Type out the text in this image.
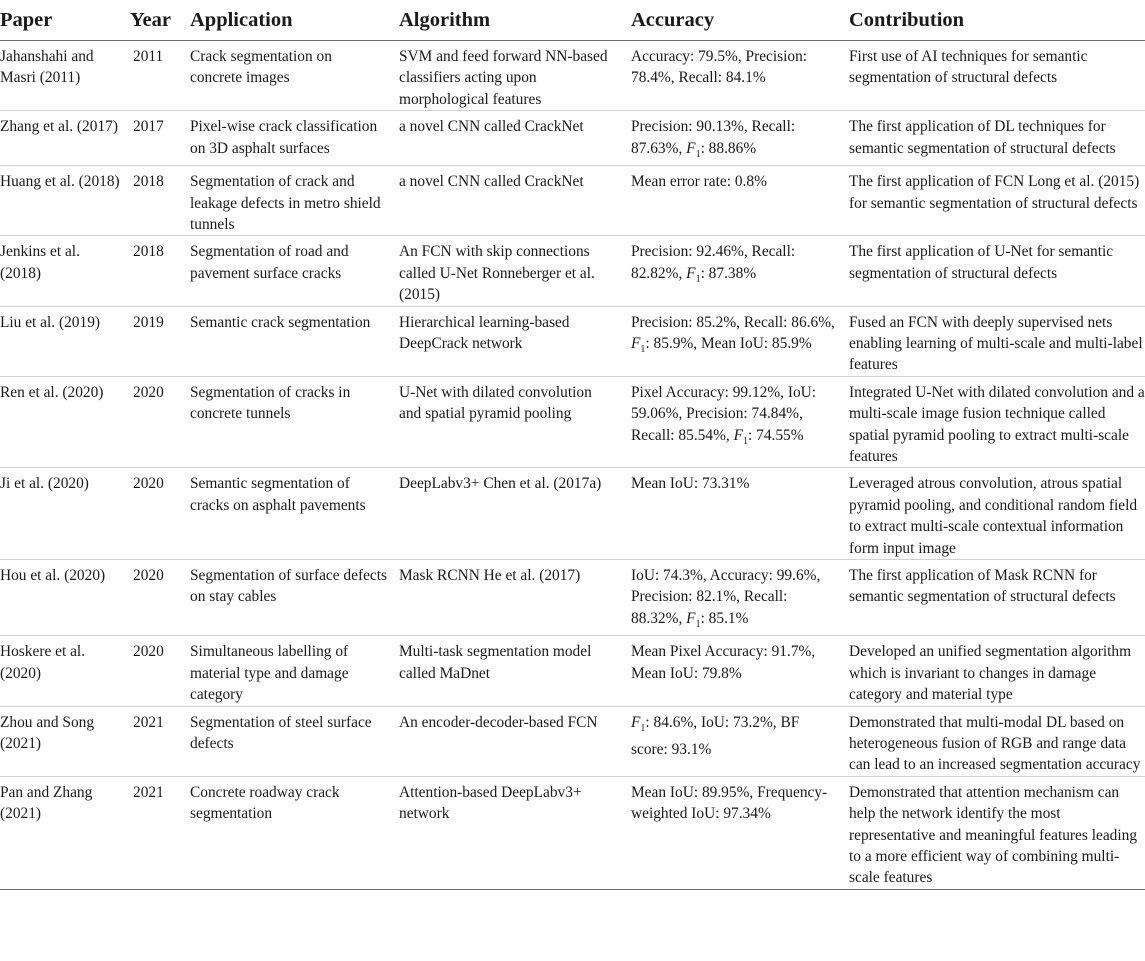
Paper	Year	Application	Algorithm	Accuracy	Contribution

Jahanshahi and Masri (2011)	2011	Crack segmentation on concrete images	SVM and feed forward NN-based classifiers acting upon morphological features	Accuracy: 79.5%, Precision: 78.4%, Recall: 84.1%	First use of AI techniques for semantic segmentation of structural defects

Zhang et al. (2017)	2017	Pixel-wise crack classification on 3D asphalt surfaces	a novel CNN called CrackNet	Precision: 90.13%, Recall: 87.63%, $F_1$: 88.86%	The first application of DL techniques for semantic segmentation of structural defects

Huang et al. (2018)	2018	Segmentation of crack and leakage defects in metro shield tunnels	a novel CNN called CrackNet	Mean error rate: 0.8%	The first application of FCN Long et al. (2015) for semantic segmentation of structural defects

Jenkins et al. (2018)	2018	Segmentation of road and pavement surface cracks	An FCN with skip connections called U-Net Ronneberger et al. (2015)	Precision: 92.46%, Recall: 82.82%, $F_1$: 87.38%	The first application of U-Net for semantic segmentation of structural defects

Liu et al. (2019)	2019	Semantic crack segmentation	Hierarchical learning-based DeepCrack network	Precision: 85.2%, Recall: 86.6%, $F_1$: 85.9%, Mean IoU: 85.9%	Fused an FCN with deeply supervised nets enabling learning of multi-scale and multi-label features

Ren et al. (2020)	2020	Segmentation of cracks in concrete tunnels	U-Net with dilated convolution and spatial pyramid pooling	Pixel Accuracy: 99.12%, IoU: 59.06%, Precision: 74.84%, Recall: 85.54%, $F_1$: 74.55%	Integrated U-Net with dilated convolution and a multi-scale image fusion technique called spatial pyramid pooling to extract multi-scale features

Ji et al. (2020)	2020	Semantic segmentation of cracks on asphalt pavements	DeepLabv3+ Chen et al. (2017a)	Mean IoU: 73.31%	Leveraged atrous convolution, atrous spatial pyramid pooling, and conditional random field to extract multi-scale contextual information form input image

Hou et al. (2020)	2020	Segmentation of surface defects on stay cables	Mask RCNN He et al. (2017)	IoU: 74.3%, Accuracy: 99.6%, Precision: 82.1%, Recall: 88.32%, $F_1$: 85.1%	The first application of Mask RCNN for semantic segmentation of structural defects

Hoskere et al. (2020)	2020	Simultaneous labelling of material type and damage category	Multi-task segmentation model called MaDnet	Mean Pixel Accuracy: 91.7%, Mean IoU: 79.8%	Developed an unified segmentation algorithm which is invariant to changes in damage category and material type

Zhou and Song (2021)	2021	Segmentation of steel surface defects	An encoder-decoder-based FCN	$F_1$: 84.6%, IoU: 73.2%, BF score: 93.1%	Demonstrated that multi-modal DL based on heterogeneous fusion of RGB and range data can lead to an increased segmentation accuracy

Pan and Zhang (2021)	2021	Concrete roadway crack segmentation	Attention-based DeepLabv3+ network	Mean IoU: 89.95%, Frequency-weighted IoU: 97.34%	Demonstrated that attention mechanism can help the network identify the most representative and meaningful features leading to a more efficient way of combining multi-scale features
